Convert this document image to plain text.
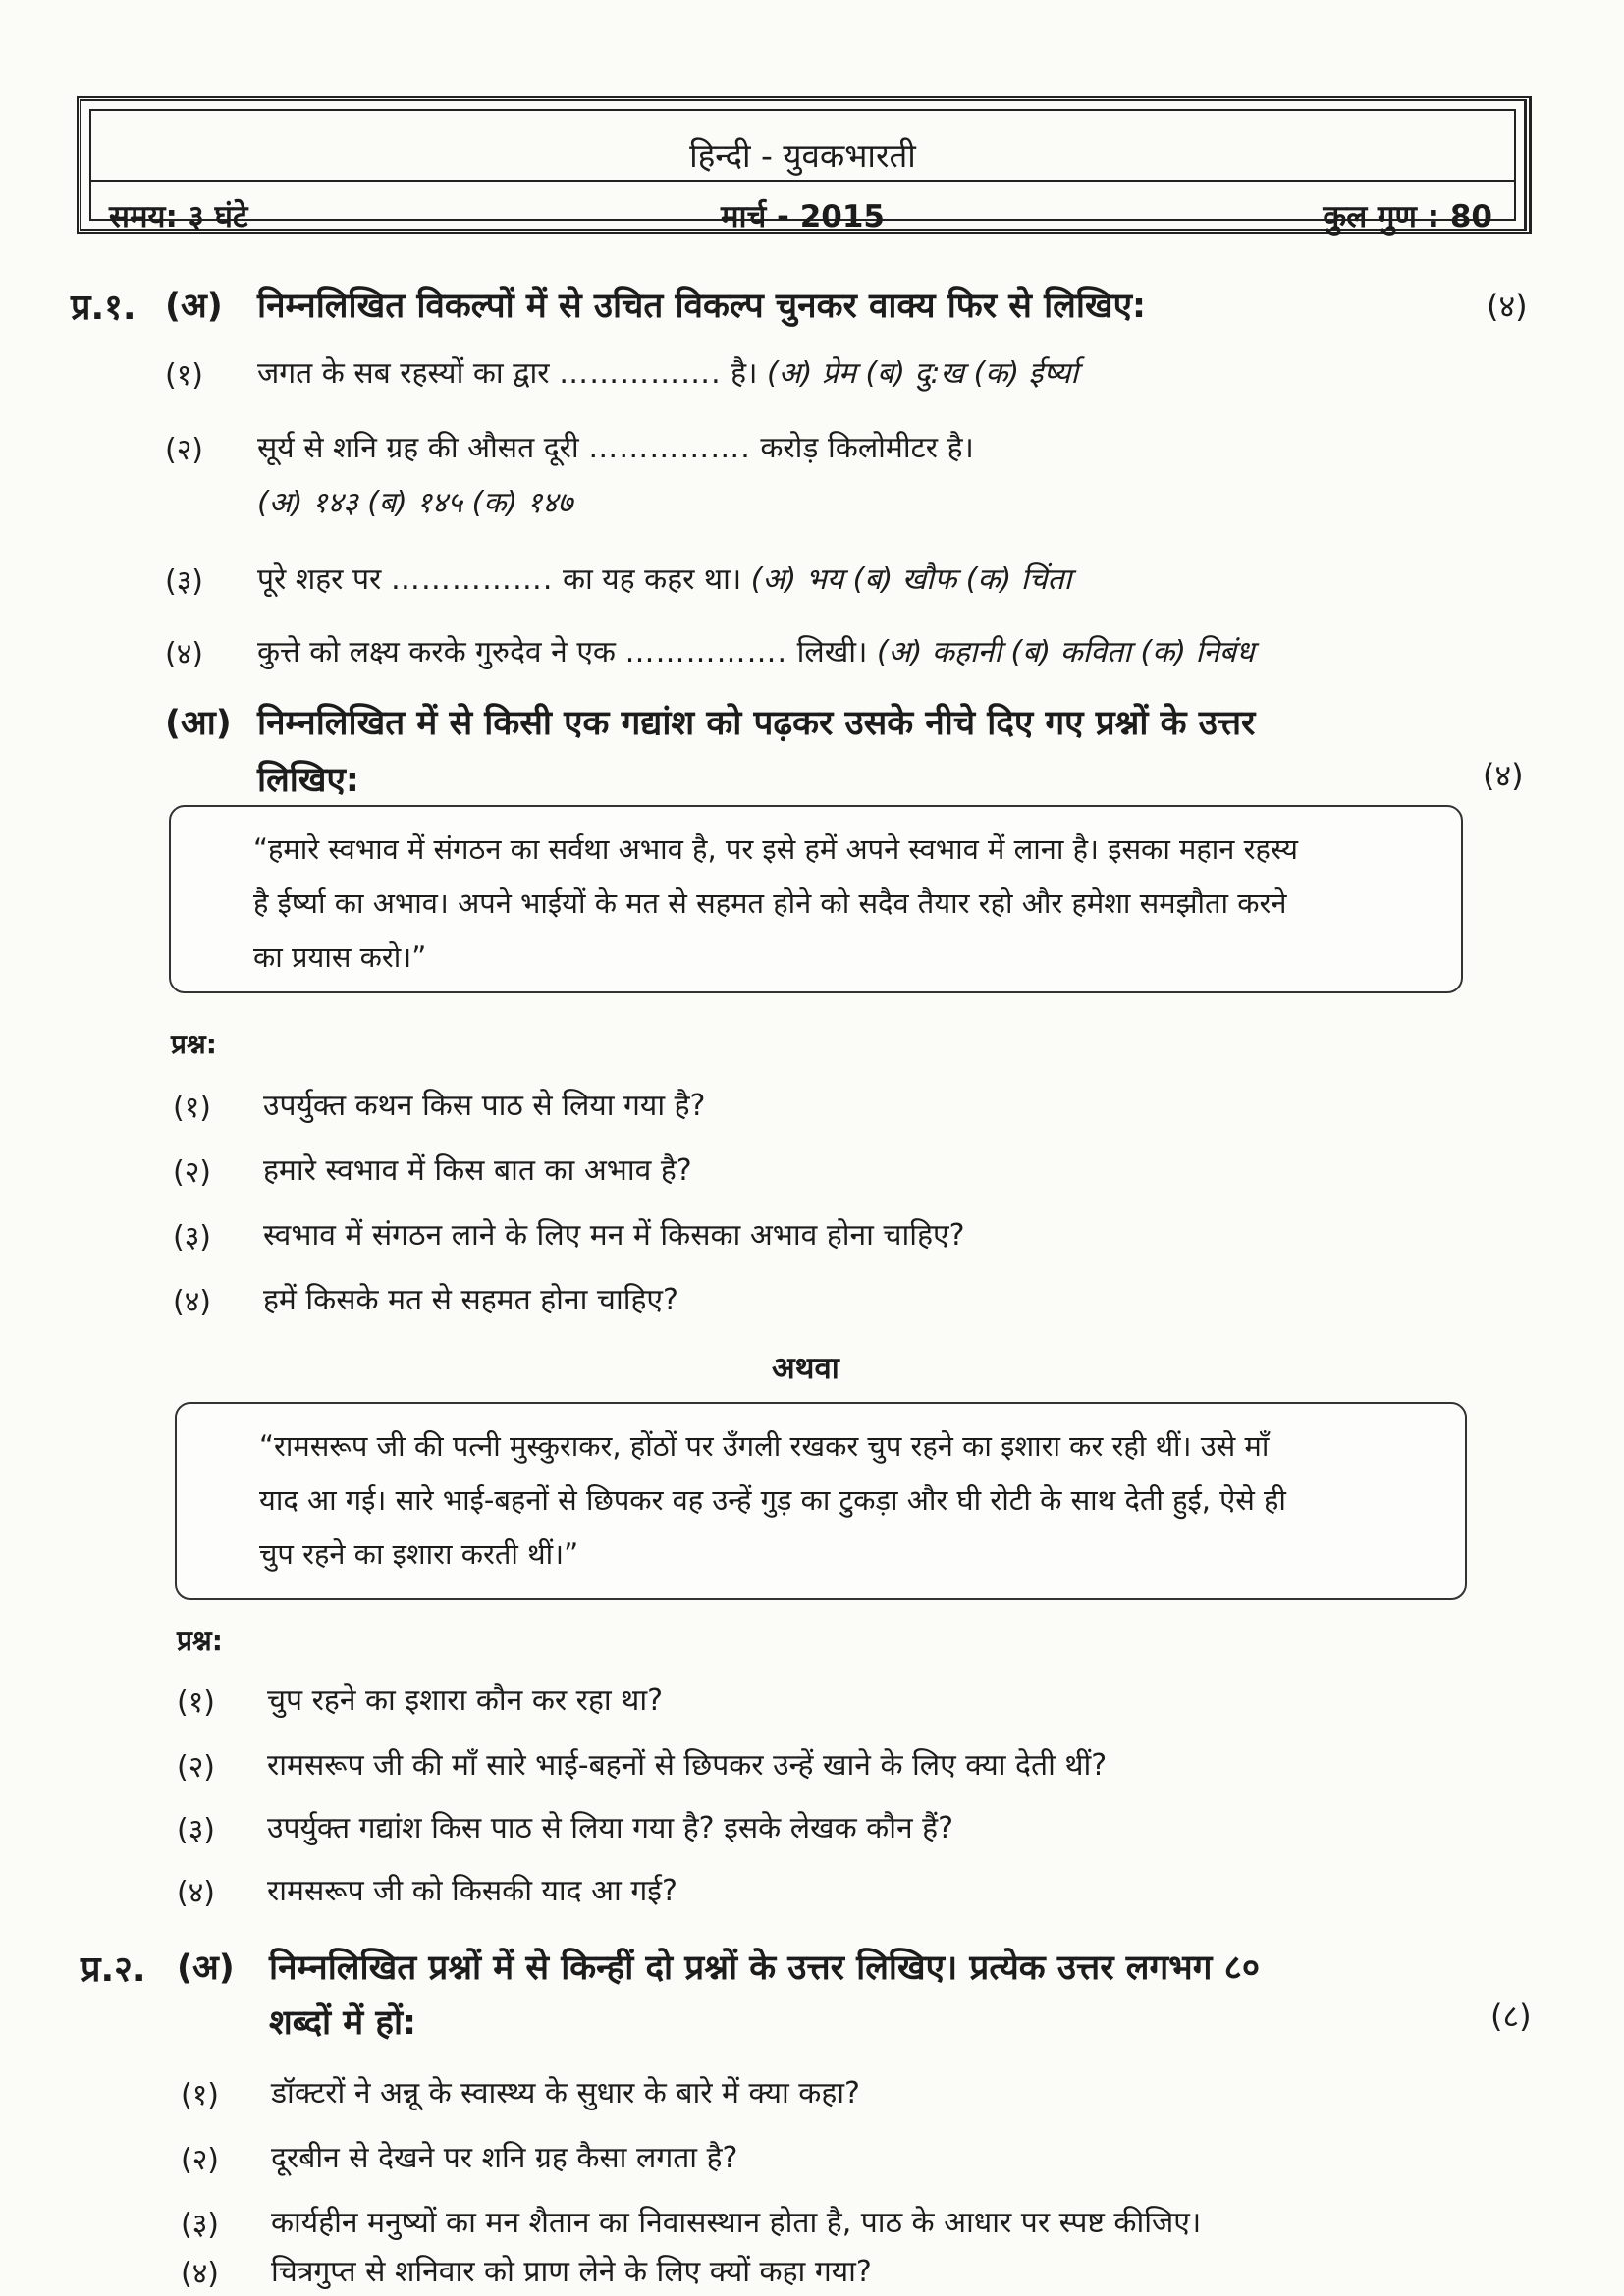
हिन्दी - युवकभारती
समय: ३ घंटे	मार्च - 2015	कुल गुण : 80
प्र.१. (अ) निम्नलिखित विकल्पों में से उचित विकल्प चुनकर वाक्य फिर से लिखिए:	(४)
(१) जगत के सब रहस्यों का द्वार ……………. है। (अ) प्रेम (ब) दु:ख (क) ईर्ष्या
(२) सूर्य से शनि ग्रह की औसत दूरी ……………. करोड़ किलोमीटर है।
(अ) १४३ (ब) १४५ (क) १४७
(३) पूरे शहर पर ……………. का यह कहर था। (अ) भय (ब) खौफ (क) चिंता
(४) कुत्ते को लक्ष्य करके गुरुदेव ने एक ……………. लिखी। (अ) कहानी (ब) कविता (क) निबंध
(आ) निम्नलिखित में से किसी एक गद्यांश को पढ़कर उसके नीचे दिए गए प्रश्नों के उत्तर
लिखिए:	(४)
“हमारे स्वभाव में संगठन का सर्वथा अभाव है, पर इसे हमें अपने स्वभाव में लाना है। इसका महान रहस्य
है ईर्ष्या का अभाव। अपने भाईयों के मत से सहमत होने को सदैव तैयार रहो और हमेशा समझौता करने
का प्रयास करो।”
प्रश्न:
(१) उपर्युक्त कथन किस पाठ से लिया गया है?
(२) हमारे स्वभाव में किस बात का अभाव है?
(३) स्वभाव में संगठन लाने के लिए मन में किसका अभाव होना चाहिए?
(४) हमें किसके मत से सहमत होना चाहिए?
अथवा
“रामसरूप जी की पत्नी मुस्कुराकर, होंठों पर उँगली रखकर चुप रहने का इशारा कर रही थीं। उसे माँ
याद आ गई। सारे भाई-बहनों से छिपकर वह उन्हें गुड़ का टुकड़ा और घी रोटी के साथ देती हुई, ऐसे ही
चुप रहने का इशारा करती थीं।”
प्रश्न:
(१) चुप रहने का इशारा कौन कर रहा था?
(२) रामसरूप जी की माँ सारे भाई-बहनों से छिपकर उन्हें खाने के लिए क्या देती थीं?
(३) उपर्युक्त गद्यांश किस पाठ से लिया गया है? इसके लेखक कौन हैं?
(४) रामसरूप जी को किसकी याद आ गई?
प्र.२. (अ) निम्नलिखित प्रश्नों में से किन्हीं दो प्रश्नों के उत्तर लिखिए। प्रत्येक उत्तर लगभग ८०
शब्दों में हों:	(८)
(१) डॉक्टरों ने अन्नू के स्वास्थ्य के सुधार के बारे में क्या कहा?
(२) दूरबीन से देखने पर शनि ग्रह कैसा लगता है?
(३) कार्यहीन मनुष्यों का मन शैतान का निवासस्थान होता है, पाठ के आधार पर स्पष्ट कीजिए।
(४) चित्रगुप्त से शनिवार को प्राण लेने के लिए क्यों कहा गया?
